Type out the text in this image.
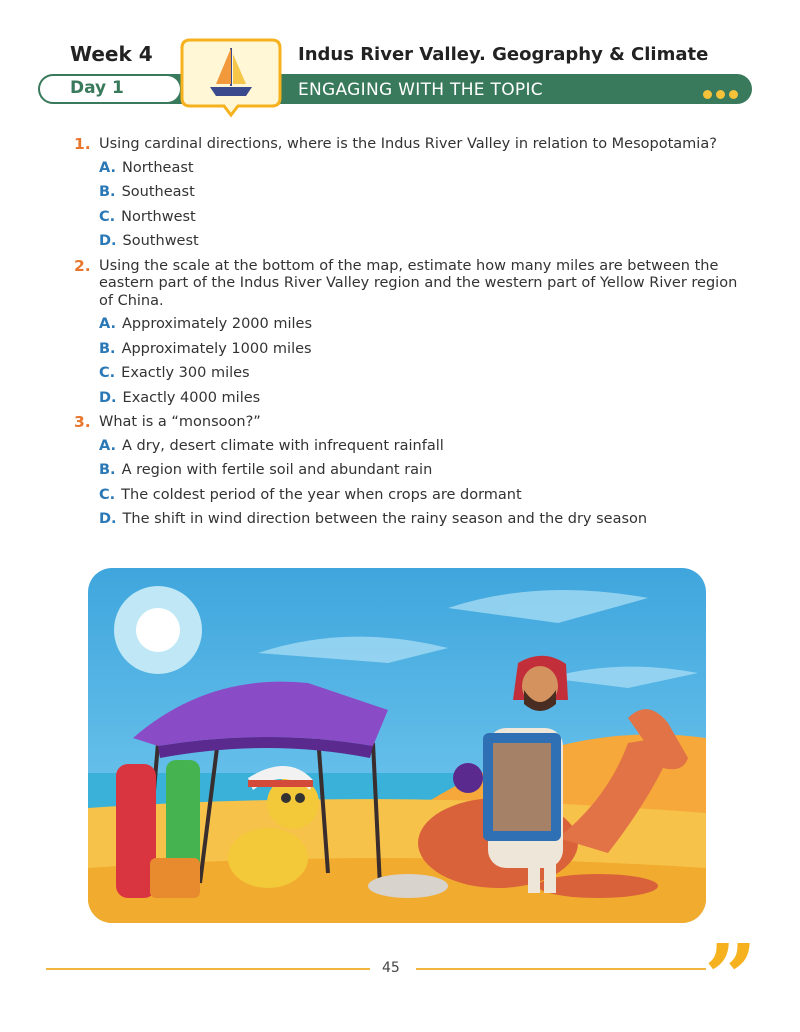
Week 4	Indus River Valley. Geography & Climate
Day 1	ENGAGING WITH THE TOPIC
1. Using cardinal directions, where is the Indus River Valley in relation to Mesopotamia?
A. Northeast
B. Southeast
C. Northwest
D. Southwest
2. Using the scale at the bottom of the map, estimate how many miles are between the eastern part of the Indus River Valley region and the western part of Yellow River region of China.
A. Approximately 2000 miles
B. Approximately 1000 miles
C. Exactly 300 miles
D. Exactly 4000 miles
3. What is a “monsoon?”
A. A dry, desert climate with infrequent rainfall
B. A region with fertile soil and abundant rain
C. The coldest period of the year when crops are dormant
D. The shift in wind direction between the rainy season and the dry season
45	”
